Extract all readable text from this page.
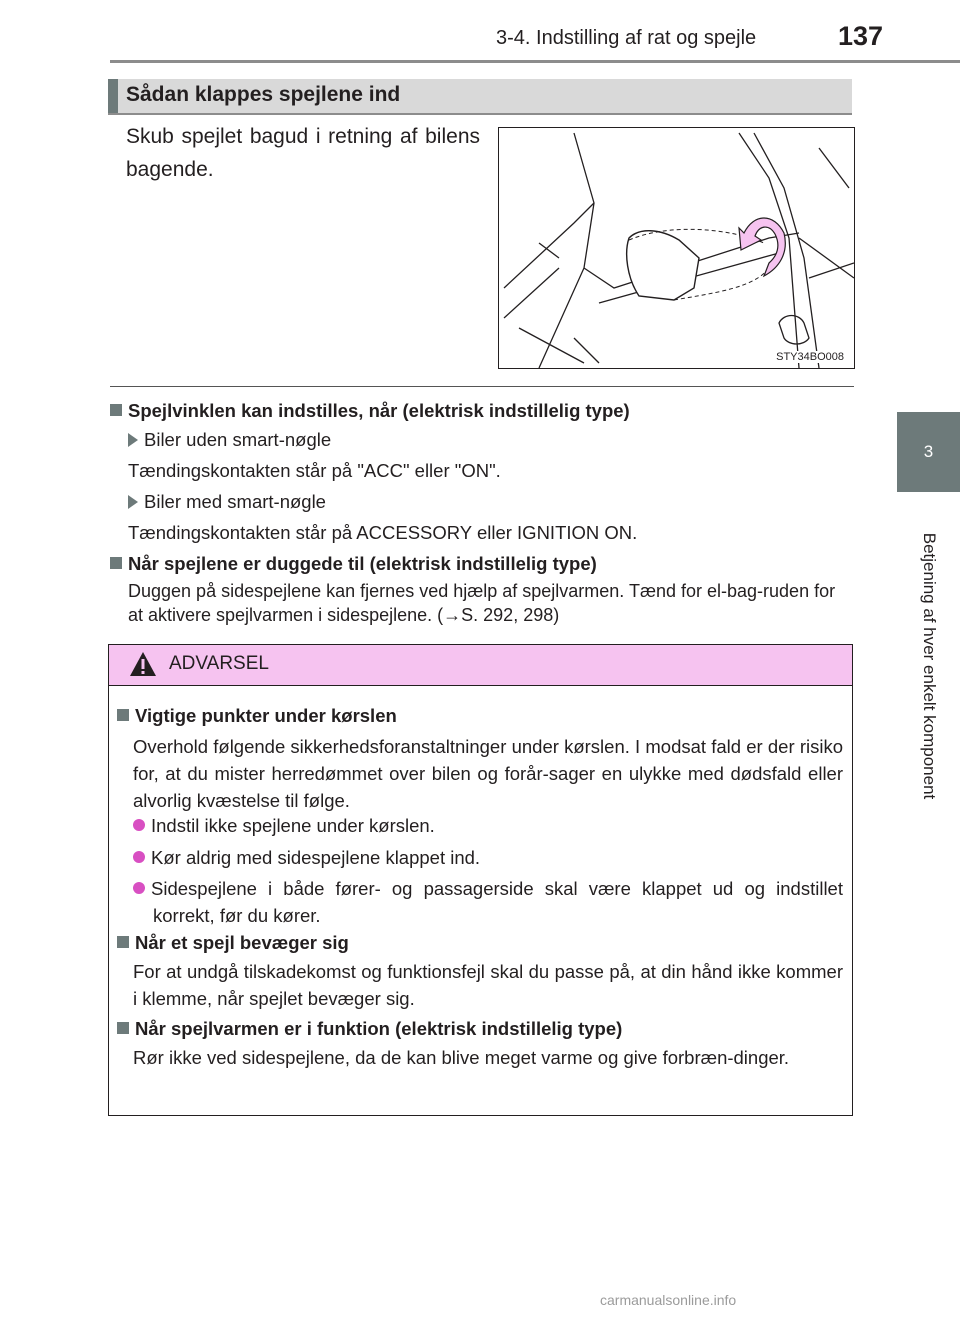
3-4. Indstilling af rat og spejle	137
3
Betjening af hver enkelt komponent
Sådan klappes spejlene ind
Skub spejlet bagud i retning af bilens bagende.
STY34BO008
Spejlvinklen kan indstilles, når (elektrisk indstillelig type)
Biler uden smart-nøgle
Tændingskontakten står på "ACC" eller "ON".
Biler med smart-nøgle
Tændingskontakten står på ACCESSORY eller IGNITION ON.
Når spejlene er duggede til (elektrisk indstillelig type)
Duggen på sidespejlene kan fjernes ved hjælp af spejlvarmen. Tænd for el-bag-ruden for at aktivere spejlvarmen i sidespejlene. (→S. 292, 298)
ADVARSEL
Vigtige punkter under kørslen
Overhold følgende sikkerhedsforanstaltninger under kørslen. I modsat fald er der risiko for, at du mister herredømmet over bilen og forår-sager en ulykke med dødsfald eller alvorlig kvæstelse til følge.
Indstil ikke spejlene under kørslen.
Kør aldrig med sidespejlene klappet ind.
Sidespejlene i både fører- og passagerside skal være klappet ud og indstillet korrekt, før du kører.
Når et spejl bevæger sig
For at undgå tilskadekomst og funktionsfejl skal du passe på, at din hånd ikke kommer i klemme, når spejlet bevæger sig.
Når spejlvarmen er i funktion (elektrisk indstillelig type)
Rør ikke ved sidespejlene, da de kan blive meget varme og give forbræn-dinger.
carmanualsonline.info
